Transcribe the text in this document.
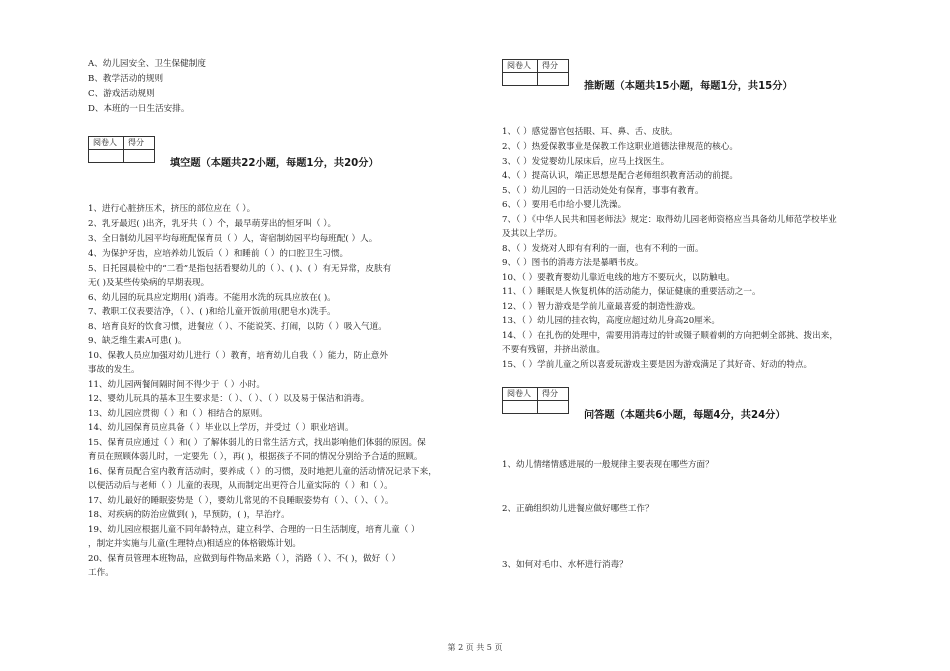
A、幼儿园安全、卫生保健制度
B、教学活动的规则
C、游戏活动规则
D、本班的一日生活安排。
阅卷人	得分

填空题（本题共22小题，每题1分，共20分）
1、进行心脏挤压术，挤压的部位应在（ ）。
2、乳牙最迟( )出齐，乳牙共（ ）个，最早萌芽出的恒牙叫（ ）。
3、全日制幼儿园平均每班配保育员（ ）人，寄宿制幼园平均每班配( ）人。
4、为保护牙齿，应培养幼儿饭后（ ）和睡前（ ）的口腔卫生习惯。
5、日托园晨检中的“二看”是指包括看婴幼儿的（ ）、( )、( ）有无异常，皮肤有
无( )及某些传染病的早期表现。
6、幼儿园的玩具应定期用( )消毒。不能用水洗的玩具应放在( )。
7、教职工仪表要洁净，（ ）、( )和给儿童开饭前用(肥皂水)洗手。
8、培育良好的饮食习惯，进餐应（ ）、不能说笑、打闹，以防（ ）吸入气道。
9、缺乏维生素A可患( )。
10、保教人员应加强对幼儿进行（ ）教育，培育幼儿自我（ ）能力，防止意外
事故的发生。
11、幼儿园两餐间隔时间不得少于（ ）小时。
12、婴幼儿玩具的基本卫生要求是：（ ）、（ ）、（ ）以及易于保洁和消毒。
13、幼儿园应贯彻（ ）和（ ）相结合的原则。
14、幼儿园保育员应具备（ ）毕业以上学历，并受过（ ）职业培训。
15、保育员应通过（ ）和( ）了解体弱儿的日常生活方式，找出影响他们体弱的原因。保
育员在照顾体弱儿时，一定要先（ ），再( )，根据孩子不同的情况分别给予合适的照顾。
16、保育员配合室内教育活动时，要养成（ ）的习惯，及时地把儿童的活动情况记录下来，
以便活动后与老师（ ）儿童的表现，从而制定出更符合儿童实际的（ ）和（ ）。
17、幼儿最好的睡眠姿势是（ ），婴幼儿常见的不良睡眠姿势有（ ）、（ ）、（ ）。
18、对疾病的防治应做到( )，早预防，( )，早治疗。
19、幼儿园应根据儿童不同年龄特点，建立科学、合理的一日生活制度，培育儿童（ ）
，制定并实施与儿童(生理特点)相适应的体格锻炼计划。
20、保育员管理本班物品，应做到每件物品来路（ ），消路（ ）、不( )，做好（ ）
工作。
阅卷人	得分

推断题（本题共15小题，每题1分，共15分）
1、（ ）感觉器官包括眼、耳、鼻、舌、皮肤。
2、（ ）热爱保教事业是保教工作这职业道德法律规范的核心。
3、（ ）发觉婴幼儿尿床后，应马上找医生。
4、（ ）提高认识，端正思想是配合老师组织教育活动的前提。
5、（ ）幼儿园的一日活动处处有保育，事事有教育。
6、（ ）要用毛巾给小婴儿洗澡。
7、（ ）《中华人民共和国老师法》规定：取得幼儿园老师资格应当具备幼儿师范学校毕业
及其以上学历。
8、（ ）发烧对人即有有利的一面，也有不利的一面。
9、（ ）图书的消毒方法是暴晒书皮。
10、（ ）要教育婴幼儿靠近电线的地方不要玩火，以防触电。
11、（ ）睡眠是人恢复机体的活动能力，保证健康的重要活动之一。
12、（ ）智力游戏是学前儿童最喜爱的制造性游戏。
13、（ ）幼儿园的挂衣钩，高度应超过幼儿身高20厘米。
14、（ ）在扎伤的处理中，需要用消毒过的针或镊子顺着刺的方向把刺全部挑、拨出来，
不要有残留，并挤出淤血。
15、（ ）学前儿童之所以喜爱玩游戏主要是因为游戏满足了其好奇、好动的特点。
阅卷人	得分

问答题（本题共6小题，每题4分，共24分）
1、幼儿情绪情感进展的一般规律主要表现在哪些方面？
2、正确组织幼儿进餐应做好哪些工作？
3、如何对毛巾、水杯进行消毒？
第 2 页 共 5 页
